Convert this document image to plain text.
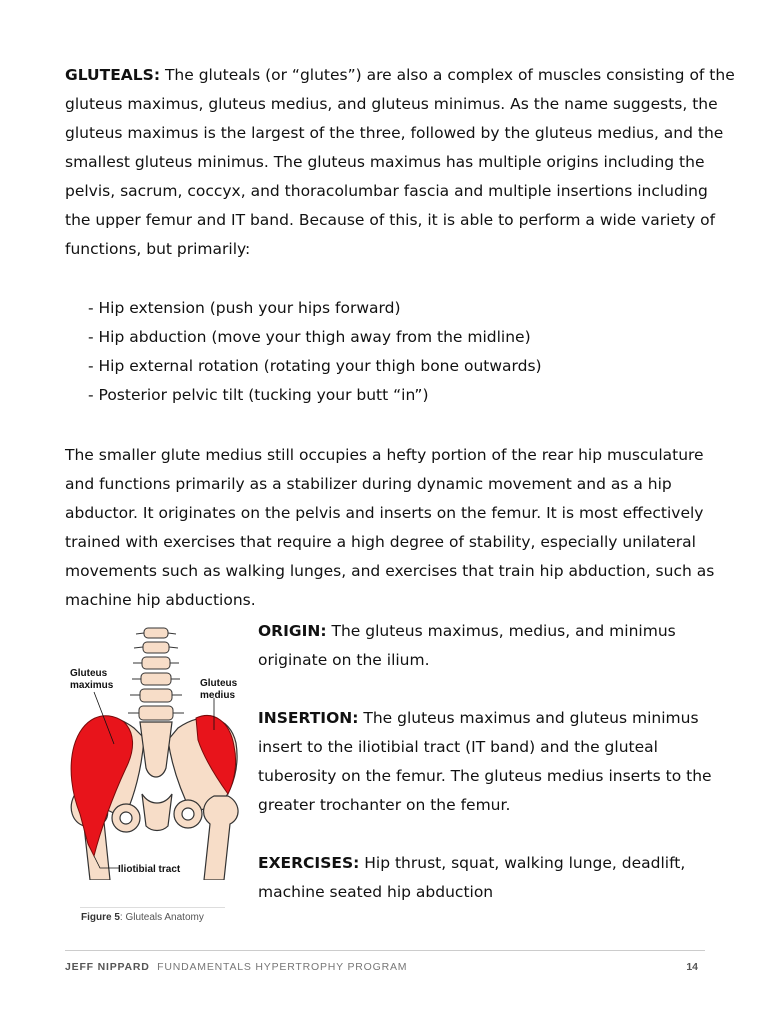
GLUTEALS: The gluteals (or “glutes”) are also a complex of muscles consisting of the
gluteus maximus, gluteus medius, and gluteus minimus. As the name suggests, the
gluteus maximus is the largest of the three, followed by the gluteus medius, and the
smallest gluteus minimus. The gluteus maximus has multiple origins including the
pelvis, sacrum, coccyx, and thoracolumbar fascia and multiple insertions including
the upper femur and IT band. Because of this, it is able to perform a wide variety of
functions, but primarily:
- Hip extension (push your hips forward)
- Hip abduction (move your thigh away from the midline)
- Hip external rotation (rotating your thigh bone outwards)
- Posterior pelvic tilt (tucking your butt “in”)
The smaller glute medius still occupies a hefty portion of the rear hip musculature
and functions primarily as a stabilizer during dynamic movement and as a hip
abductor. It originates on the pelvis and inserts on the femur. It is most effectively
trained with exercises that require a high degree of stability, especially unilateral
movements such as walking lunges, and exercises that train hip abduction, such as
machine hip abductions.
Gluteus
maximus	Gluteus
medius
Iliotibial tract
Figure 5: Gluteals Anatomy
ORIGIN: The gluteus maximus, medius, and minimus
originate on the ilium.
INSERTION: The gluteus maximus and gluteus minimus
insert to the iliotibial tract (IT band) and the gluteal
tuberosity on the femur. The gluteus medius inserts to the
greater trochanter on the femur.
EXERCISES: Hip thrust, squat, walking lunge, deadlift,
machine seated hip abduction
JEFF NIPPARD FUNDAMENTALS HYPERTROPHY PROGRAM	14
